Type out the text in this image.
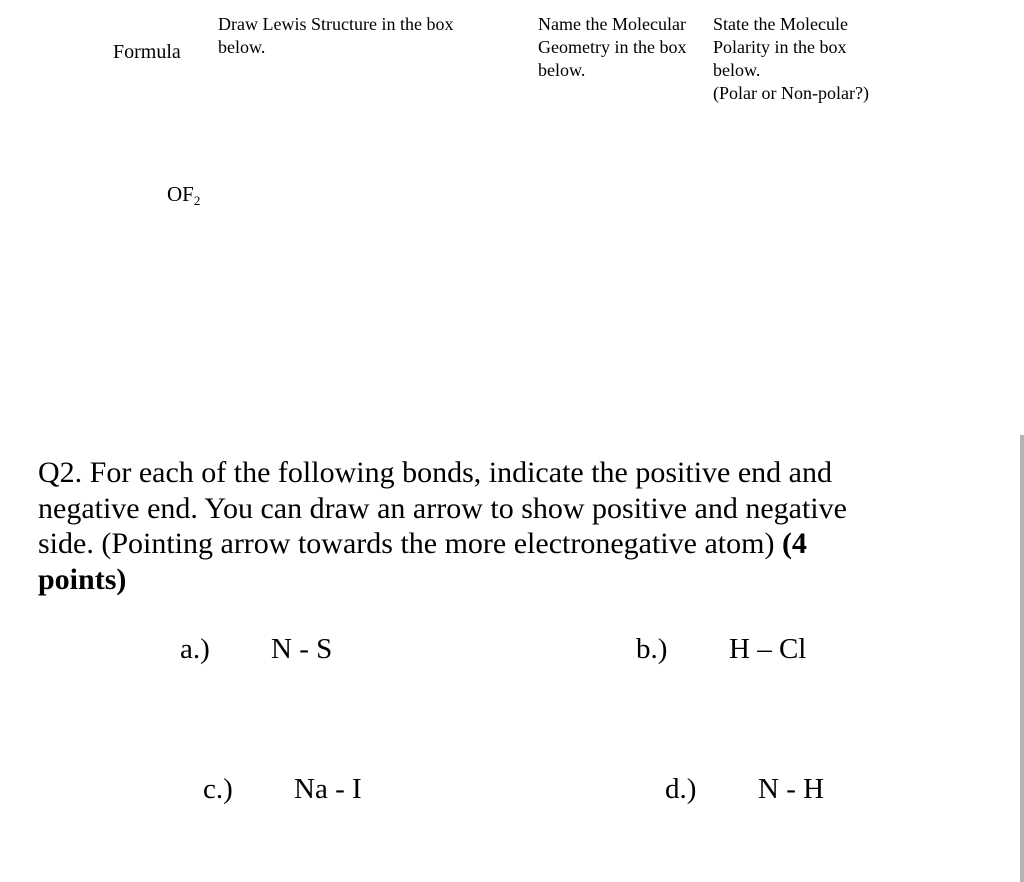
Formula
Draw Lewis Structure in the box
below.
Name the Molecular
Geometry in the box
below.
State the Molecule
Polarity in the box
below.
(Polar or Non-polar?)
$OF_2$
Q2. For each of the following bonds, indicate the positive end and
negative end. You can draw an arrow to show positive and negative
side. (Pointing arrow towards the more electronegative atom) (4
points)
a.) N - S	b.) H – Cl
c.) Na - I	d.) N - H
